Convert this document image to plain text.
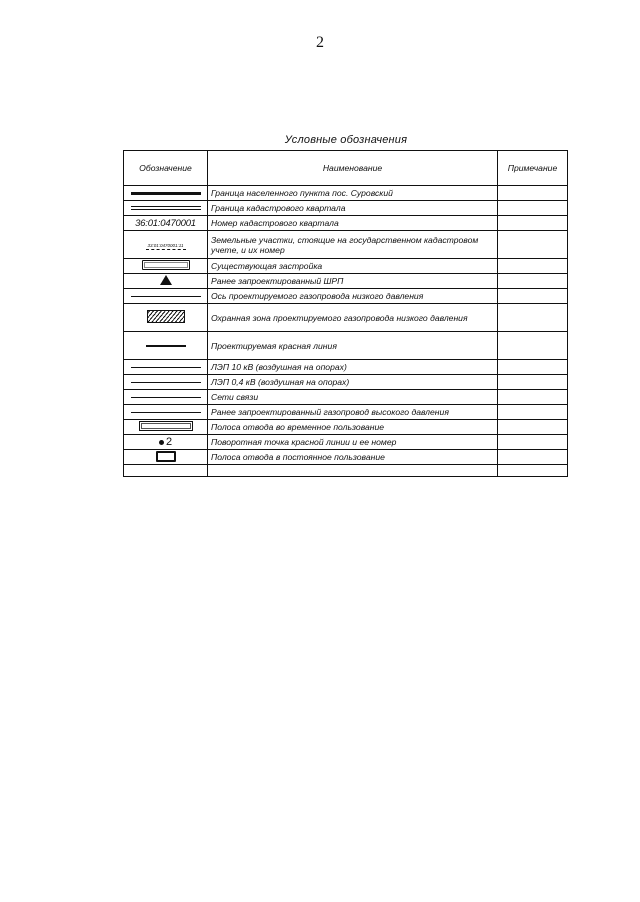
2
Условные обозначения
Обозначение	Наименование	Примечание

	Граница населенного пункта пос. Суровский	

	Граница кадастрового квартала	
36:01:0470001	Номер кадастрового квартала	
33:01:0470001:11	Земельные участки, стоящие на государственном кадастровом учете, и их номер	
	Существующая застройка	
	Ранее запроектированный ШРП	

	Ось проектируемого газопровода низкого давления	
	Охранная зона проектируемого газопровода низкого давления	

	Проектируемая красная линия	

	ЛЭП 10 кВ (воздушная на опорах)	

	ЛЭП 0,4 кВ (воздушная на опорах)	

	Сети связи	

	Ранее запроектированный газопровод высокого давления	
	Полоса отвода во временное пользование	
2	Поворотная точка красной линии и ее номер	
	Полоса отвода в постоянное пользование	
